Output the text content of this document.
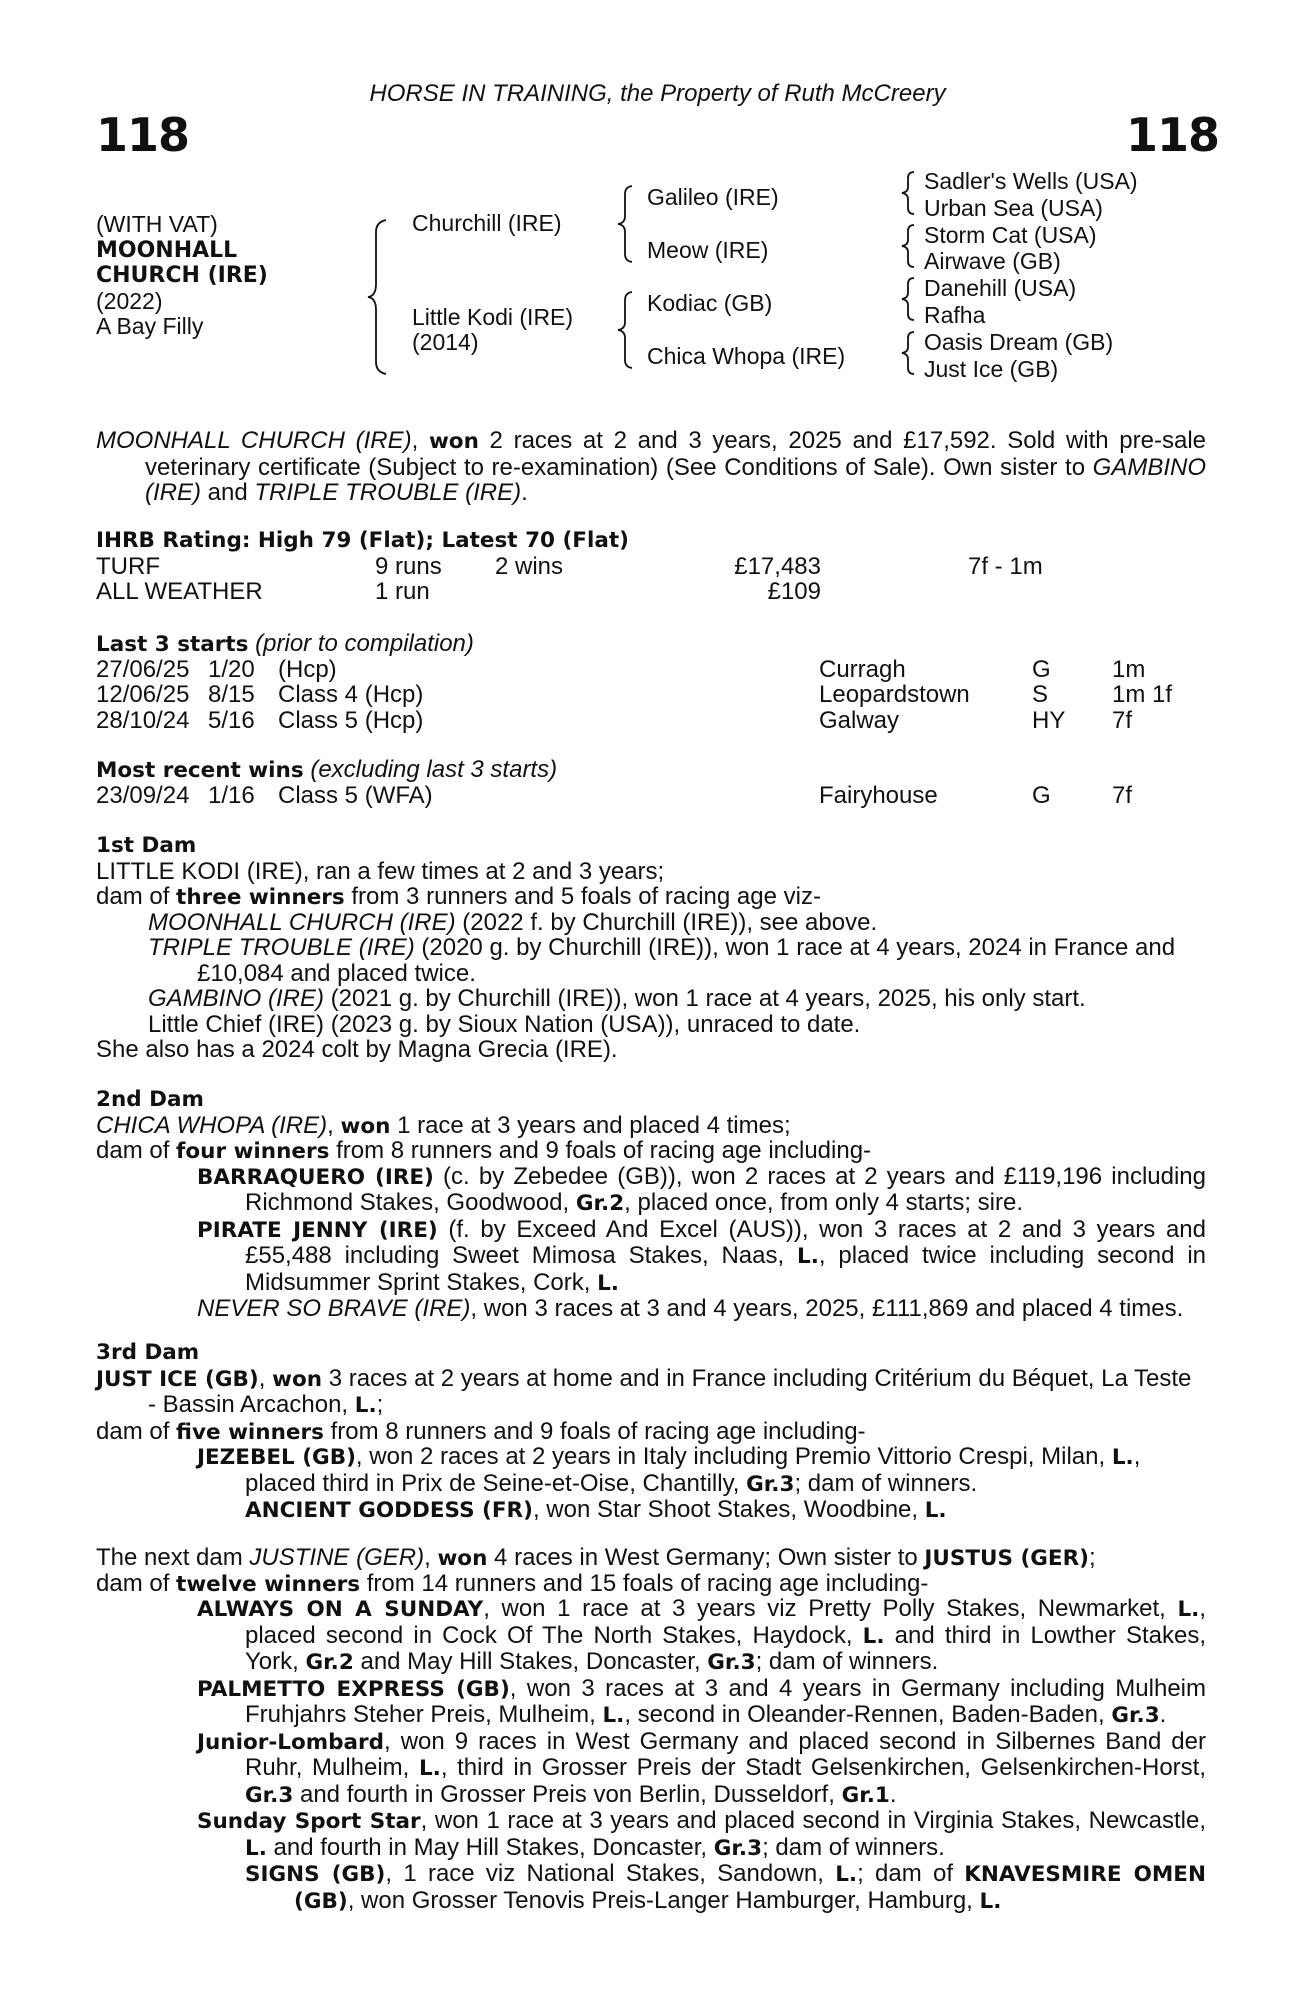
HORSE IN TRAINING, the Property of Ruth McCreery
118	118
(WITH VAT)
MOONHALL
CHURCH (IRE)
(2022)
A Bay Filly
Churchill (IRE)
Little Kodi (IRE)
(2014)
Galileo (IRE)
Meow (IRE)
Kodiac (GB)
Chica Whopa (IRE)
Sadler's Wells (USA)
Urban Sea (USA)
Storm Cat (USA)
Airwave (GB)
Danehill (USA)
Rafha
Oasis Dream (GB)
Just Ice (GB)
MOONHALL CHURCH (IRE), won 2 races at 2 and 3 years, 2025 and £17,592. Sold with pre-sale veterinary certificate (Subject to re-examination) (See Conditions of Sale). Own sister to GAMBINO (IRE) and TRIPLE TROUBLE (IRE).
IHRB Rating: High 79 (Flat); Latest 70 (Flat)
TURF	9 runs 2 wins	£17,483	7f - 1m
ALL WEATHER	1 run	£109
Last 3 starts (prior to compilation)
27/06/25 1/20 (Hcp)	Curragh	G	1m
12/06/25 8/15 Class 4 (Hcp)	Leopardstown	S	1m 1f
28/10/24 5/16 Class 5 (Hcp)	Galway	HY 7f
Most recent wins (excluding last 3 starts)
23/09/24 1/16 Class 5 (WFA)	Fairyhouse	G	7f
1st Dam
LITTLE KODI (IRE), ran a few times at 2 and 3 years;
dam of three winners from 3 runners and 5 foals of racing age viz-
MOONHALL CHURCH (IRE) (2022 f. by Churchill (IRE)), see above.
TRIPLE TROUBLE (IRE) (2020 g. by Churchill (IRE)), won 1 race at 4 years, 2024 in France and £10,084 and placed twice.
GAMBINO (IRE) (2021 g. by Churchill (IRE)), won 1 race at 4 years, 2025, his only start.
Little Chief (IRE) (2023 g. by Sioux Nation (USA)), unraced to date.
She also has a 2024 colt by Magna Grecia (IRE).
2nd Dam
CHICA WHOPA (IRE), won 1 race at 3 years and placed 4 times;
dam of four winners from 8 runners and 9 foals of racing age including-
BARRAQUERO (IRE) (c. by Zebedee (GB)), won 2 races at 2 years and £119,196 including Richmond Stakes, Goodwood, Gr.2, placed once, from only 4 starts; sire.
PIRATE JENNY (IRE) (f. by Exceed And Excel (AUS)), won 3 races at 2 and 3 years and £55,488 including Sweet Mimosa Stakes, Naas, L., placed twice including second in Midsummer Sprint Stakes, Cork, L.
NEVER SO BRAVE (IRE), won 3 races at 3 and 4 years, 2025, £111,869 and placed 4 times.
3rd Dam
JUST ICE (GB), won 3 races at 2 years at home and in France including Critérium du Béquet, La Teste - Bassin Arcachon, L.;
dam of five winners from 8 runners and 9 foals of racing age including-
JEZEBEL (GB), won 2 races at 2 years in Italy including Premio Vittorio Crespi, Milan, L., placed third in Prix de Seine-et-Oise, Chantilly, Gr.3; dam of winners.
ANCIENT GODDESS (FR), won Star Shoot Stakes, Woodbine, L.
The next dam JUSTINE (GER), won 4 races in West Germany; Own sister to JUSTUS (GER);
dam of twelve winners from 14 runners and 15 foals of racing age including-
ALWAYS ON A SUNDAY, won 1 race at 3 years viz Pretty Polly Stakes, Newmarket, L., placed second in Cock Of The North Stakes, Haydock, L. and third in Lowther Stakes, York, Gr.2 and May Hill Stakes, Doncaster, Gr.3; dam of winners.
PALMETTO EXPRESS (GB), won 3 races at 3 and 4 years in Germany including Mulheim Fruhjahrs Steher Preis, Mulheim, L., second in Oleander-Rennen, Baden-Baden, Gr.3.
Junior-Lombard, won 9 races in West Germany and placed second in Silbernes Band der Ruhr, Mulheim, L., third in Grosser Preis der Stadt Gelsenkirchen, Gelsenkirchen-Horst, Gr.3 and fourth in Grosser Preis von Berlin, Dusseldorf, Gr.1.
Sunday Sport Star, won 1 race at 3 years and placed second in Virginia Stakes, Newcastle, L. and fourth in May Hill Stakes, Doncaster, Gr.3; dam of winners.
SIGNS (GB), 1 race viz National Stakes, Sandown, L.; dam of KNAVESMIRE OMEN (GB), won Grosser Tenovis Preis-Langer Hamburger, Hamburg, L.
